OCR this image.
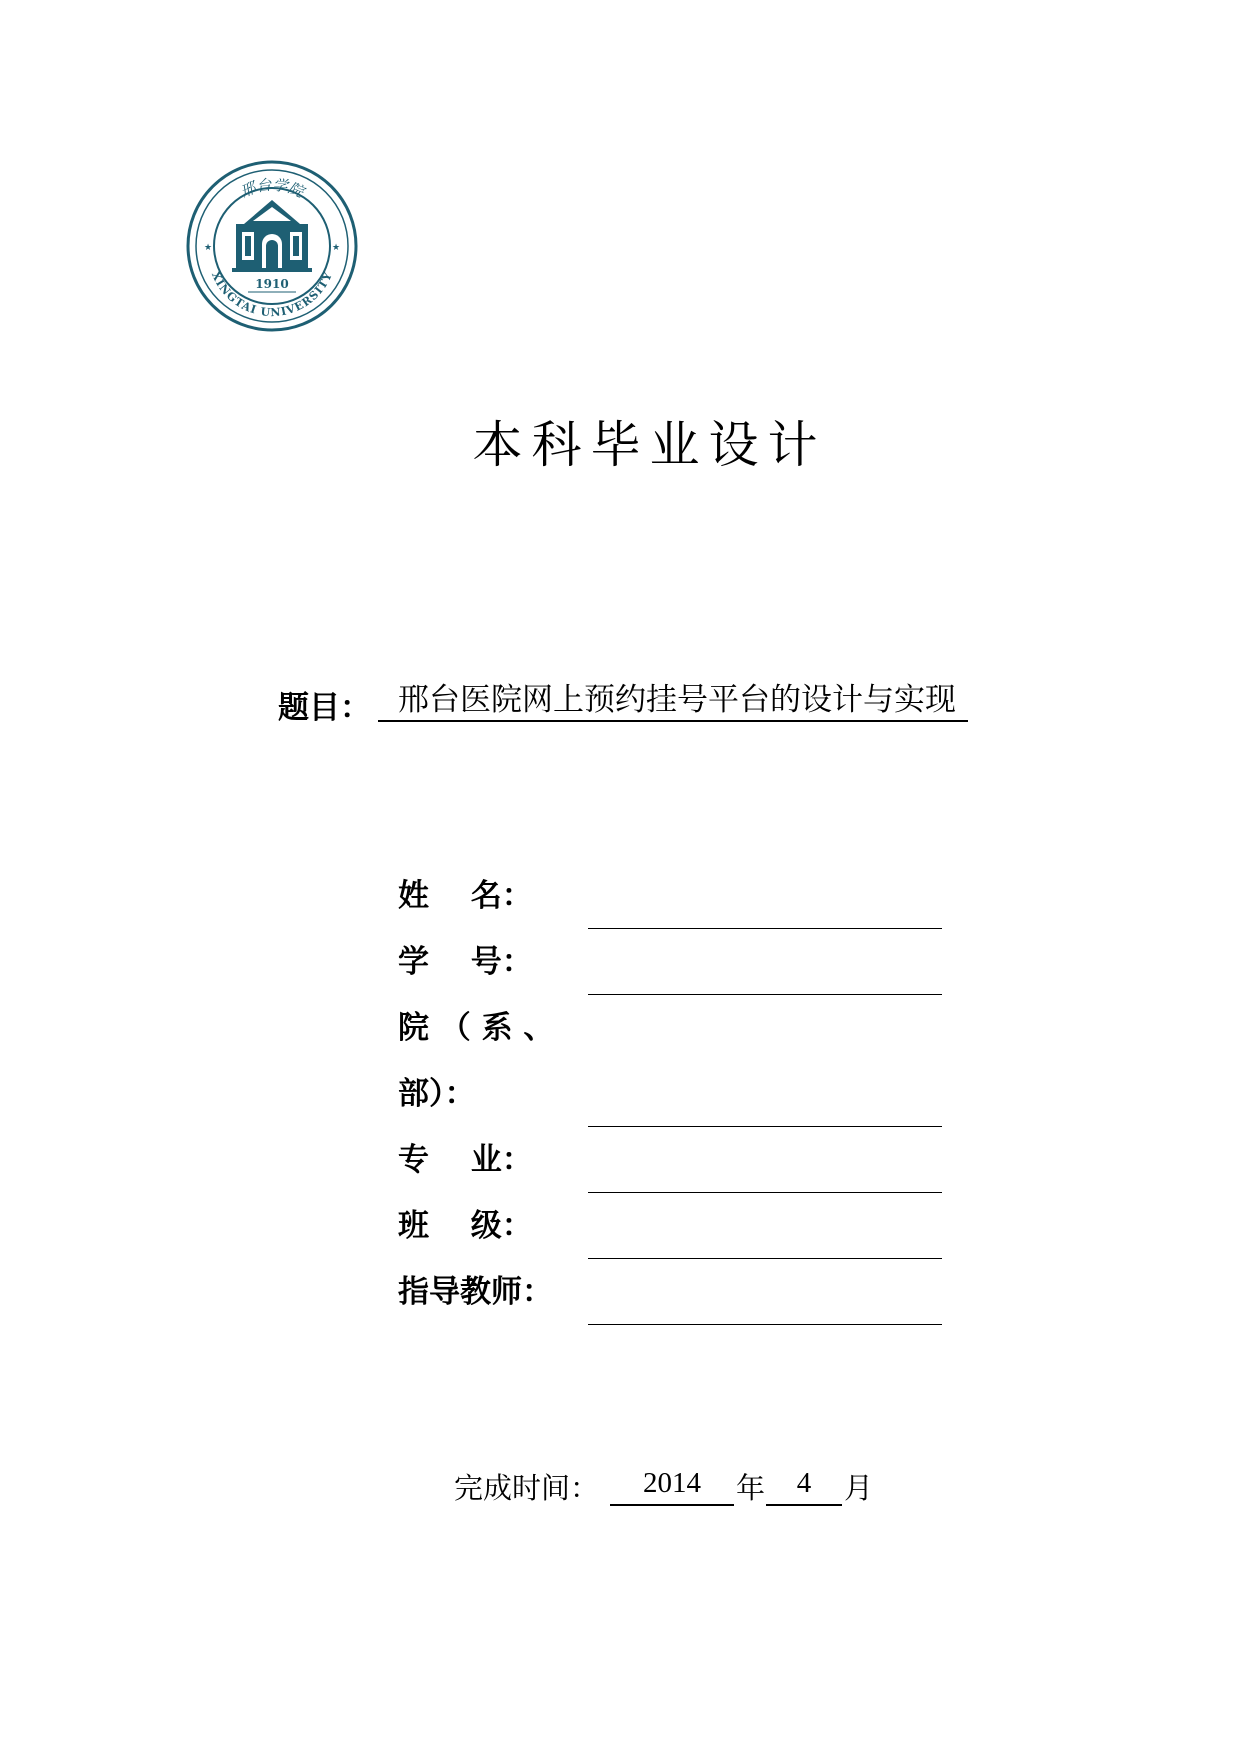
邢台学院
XINGTAI UNIVERSITY
★	★
1910
本科毕业设计
题目： 邢台医院网上预约挂号平台的设计与实现
姓　 名：
学　 号：
院 （ 系 、
部）：
专　 业：
班　 级：
指导教师：
完成时间：	2014	年	4	月
